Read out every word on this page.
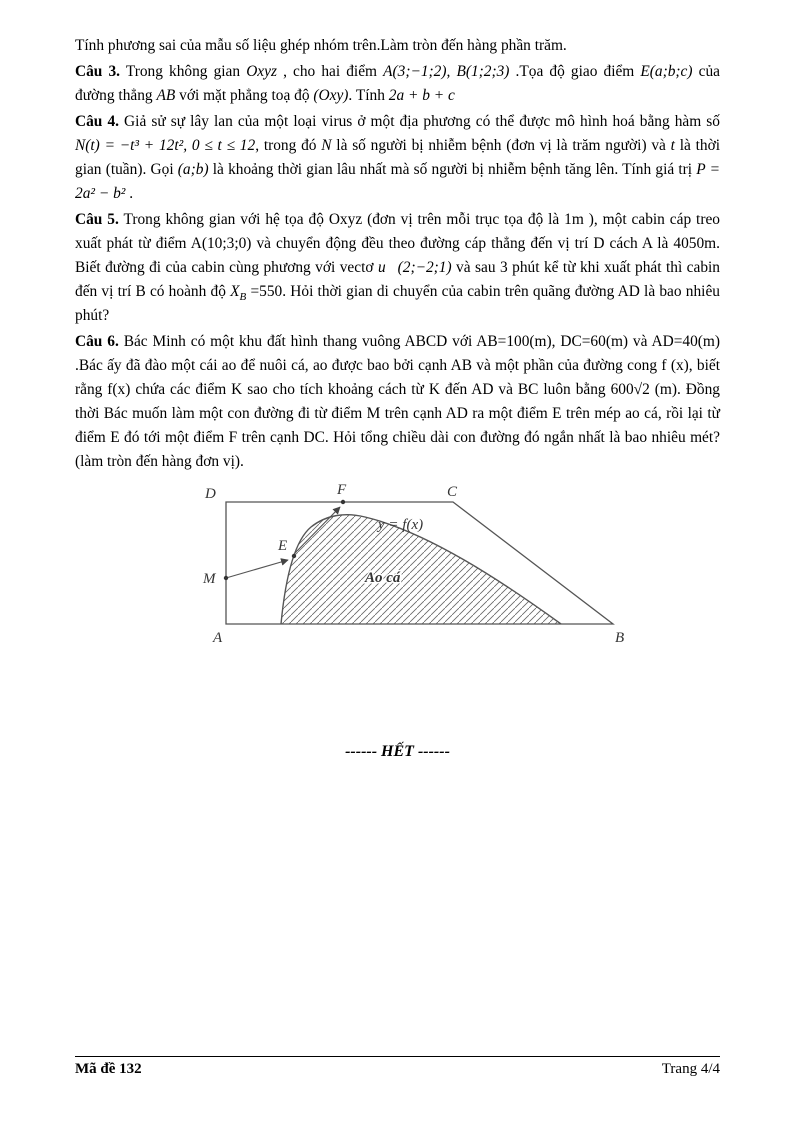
Tính phương sai của mẫu số liệu ghép nhóm trên.Làm tròn đến hàng phần trăm.

Câu 3. Trong không gian Oxyz , cho hai điểm A(3;−1;2), B(1;2;3) .Tọa độ giao điểm E(a;b;c) của đường thẳng AB với mặt phẳng toạ độ (Oxy). Tính 2a + b + c

Câu 4. Giả sử sự lây lan của một loại virus ở một địa phương có thể được mô hình hoá bằng hàm số N(t) = −t³ + 12t², 0 ≤ t ≤ 12, trong đó N là số người bị nhiễm bệnh (đơn vị là trăm người) và t là thời gian (tuần). Gọi (a;b) là khoảng thời gian lâu nhất mà số người bị nhiễm bệnh tăng lên. Tính giá trị P = 2a² − b² .

Câu 5. Trong không gian với hệ tọa độ Oxyz (đơn vị trên mỗi trục tọa độ là 1m ), một cabin cáp treo xuất phát từ điểm A(10;3;0) và chuyển động đều theo đường cáp thẳng đến vị trí D cách A là 4050m. Biết đường đi của cabin cùng phương với vectơ u⃗(2;−2;1) và sau 3 phút kể từ khi xuất phát thì cabin đến vị trí B có hoành độ $X_B =550$. Hỏi thời gian di chuyển của cabin trên quãng đường AD là bao nhiêu phút?

Câu 6. Bác Minh có một khu đất hình thang vuông ABCD với AB=100(m), DC=60(m) và AD=40(m) .Bác ấy đã đào một cái ao để nuôi cá, ao được bao bởi cạnh AB và một phần của đường cong f (x), biết rằng f(x) chứa các điểm K sao cho tích khoảng cách từ K đến AD và BC luôn bằng 600√2 (m). Đồng thời Bác muốn làm một con đường đi từ điểm M trên cạnh AD ra một điểm E trên mép ao cá, rồi lại từ điểm E đó tới một điểm F trên cạnh DC. Hỏi tổng chiều dài con đường đó ngắn nhất là bao nhiêu mét? (làm tròn đến hàng đơn vị).

D	F	C
y = f(x)
E
M	Ao cá
A	B

------ HẾT ------

Mã đề 132	Trang 4/4
